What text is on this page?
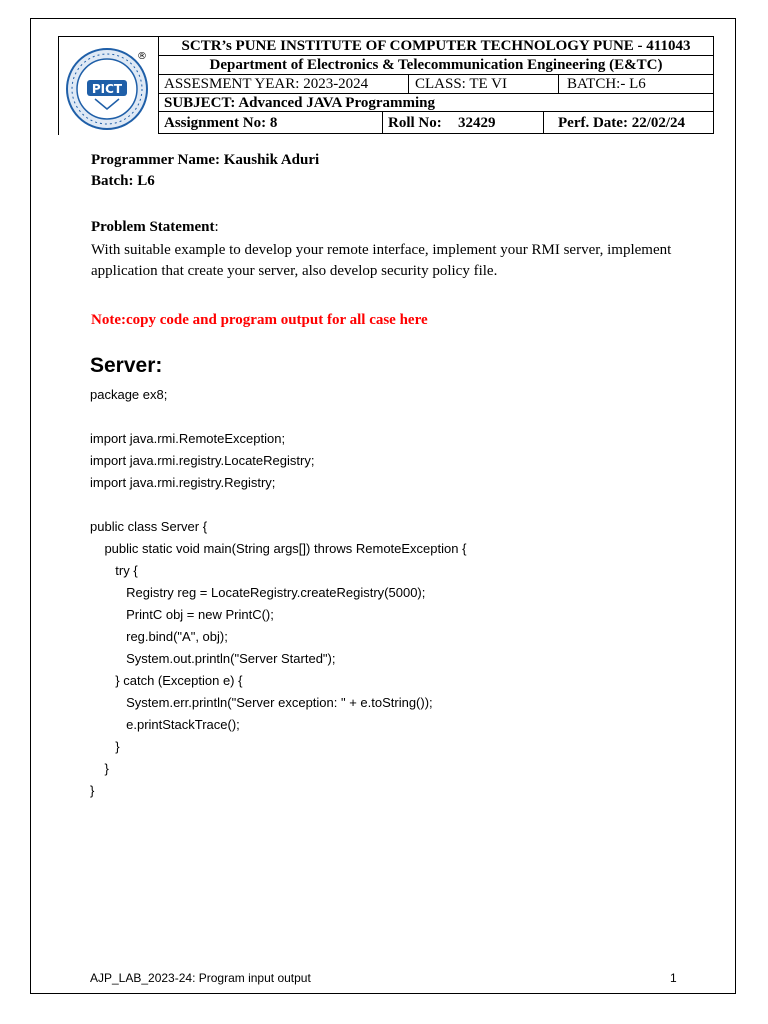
PICT
®
SCTR’s PUNE INSTITUTE OF COMPUTER TECHNOLOGY PUNE - 411043
Department of Electronics & Telecommunication Engineering (E&TC)
ASSESMENT YEAR: 2023-2024	CLASS: TE VI	BATCH:- L6
SUBJECT: Advanced JAVA Programming
Assignment No: 8	Roll No:	32429	Perf. Date: 22/02/24
Programmer Name: Kaushik Aduri
Batch: L6
Problem Statement:
With suitable example to develop your remote interface, implement your RMI server, implement application that create your server, also develop security policy file.
Note:copy code and program output for all case here
Server:
package ex8;

import java.rmi.RemoteException;
import java.rmi.registry.LocateRegistry;
import java.rmi.registry.Registry;

public class Server {
public static void main(String args[]) throws RemoteException {
try {
Registry reg = LocateRegistry.createRegistry(5000);
PrintC obj = new PrintC();
reg.bind("A", obj);
System.out.println("Server Started");
} catch (Exception e) {
System.err.println("Server exception: " + e.toString());
e.printStackTrace();
}
}
}
AJP_LAB_2023-24: Program input output	1
